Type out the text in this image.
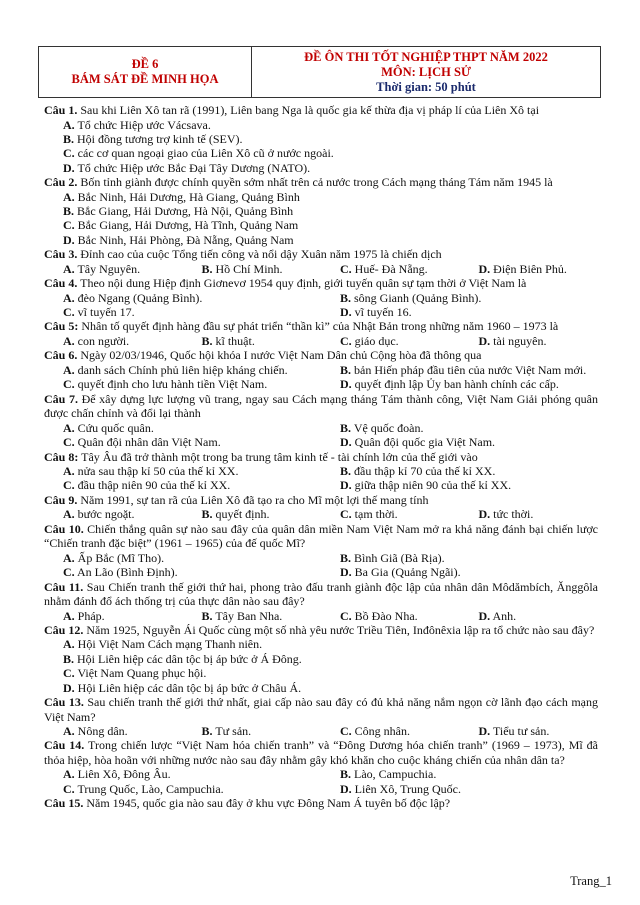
ĐỀ 6
BÁM SÁT ĐỀ MINH HỌA
ĐỀ ÔN THI TỐT NGHIỆP THPT NĂM 2022
MÔN: LỊCH SỬ
Thời gian: 50 phút

Câu 1. Sau khi Liên Xô tan rã (1991), Liên bang Nga là quốc gia kế thừa địa vị pháp lí của Liên Xô tại

A. Tổ chức Hiệp ước Vácsava.
B. Hội đồng tương trợ kinh tế (SEV).
C. các cơ quan ngoại giao của Liên Xô cũ ở nước ngoài.
D. Tổ chức Hiệp ước Bắc Đại Tây Dương (NATO).

Câu 2. Bốn tỉnh giành được chính quyền sớm nhất trên cả nước trong Cách mạng tháng Tám năm 1945 là

A. Bắc Ninh, Hải Dương, Hà Giang, Quảng Bình
B. Bắc Giang, Hải Dương, Hà Nội, Quảng Bình
C. Bắc Giang, Hải Dương, Hà Tĩnh, Quảng Nam
D. Bắc Ninh, Hải Phòng, Đà Nẵng, Quảng Nam

Câu 3. Đỉnh cao của cuộc Tổng tiến công và nổi dậy Xuân năm 1975 là chiến dịch

A. Tây Nguyên.	B. Hồ Chí Minh.	C. Huế- Đà Nẵng.	D. Điện Biên Phủ.

Câu 4. Theo nội dung Hiệp định Giơnevơ 1954 quy định, giới tuyến quân sự tạm thời ở Việt Nam là

A. đèo Ngang (Quảng Bình).	B. sông Gianh (Quảng Bình).
C. vĩ tuyến 17.	D. vĩ tuyến 16.

Câu 5: Nhân tố quyết định hàng đầu sự phát triển “thần kì” của Nhật Bản trong những năm 1960 – 1973 là

A. con người.	B. kĩ thuật.	C. giáo dục.	D. tài nguyên.

Câu 6. Ngày 02/03/1946, Quốc hội khóa I nước Việt Nam Dân chủ Cộng hòa đã thông qua

A. danh sách Chính phủ liên hiệp kháng chiến.	B. bản Hiến pháp đầu tiên của nước Việt Nam mới.
C. quyết định cho lưu hành tiền Việt Nam.	D. quyết định lập Ủy ban hành chính các cấp.

Câu 7. Để xây dựng lực lượng vũ trang, ngay sau Cách mạng tháng Tám thành công, Việt Nam Giải phóng quân được chấn chỉnh và đổi lại thành

A. Cứu quốc quân.	B. Vệ quốc đoàn.
C. Quân đội nhân dân Việt Nam.	D. Quân đội quốc gia Việt Nam.

Câu 8: Tây Âu đã trở thành một trong ba trung tâm kinh tế - tài chính lớn của thế giới vào

A. nửa sau thập kỉ 50 của thế kỉ XX.	B. đầu thập kỉ 70 của thế kỉ XX.
C. đầu thập niên 90 của thế kỉ XX.	D. giữa thập niên 90 của thế kỉ XX.

Câu 9. Năm 1991, sự tan rã của Liên Xô đã tạo ra cho Mĩ một lợi thế mang tính

A. bước ngoặt.	B. quyết định.	C. tạm thời.	D. tức thời.

Câu 10. Chiến thắng quân sự nào sau đây của quân dân miền Nam Việt Nam mở ra khả năng đánh bại chiến lược “Chiến tranh đặc biệt” (1961 – 1965) của đế quốc Mĩ?

A. Ấp Bắc (Mĩ Tho).	B. Bình Giã (Bà Rịa).
C. An Lão (Bình Định).	D. Ba Gia (Quảng Ngãi).

Câu 11. Sau Chiến tranh thế giới thứ hai, phong trào đấu tranh giành độc lập của nhân dân Môdămbích, Ănggôla nhằm đánh đổ ách thống trị của thực dân nào sau đây?

A. Pháp.	B. Tây Ban Nha.	C. Bồ Đào Nha.	D. Anh.

Câu 12. Năm 1925, Nguyễn Ái Quốc cùng một số nhà yêu nước Triều Tiên, Inđônêxia lập ra tổ chức nào sau đây?

A. Hội Việt Nam Cách mạng Thanh niên.
B. Hội Liên hiệp các dân tộc bị áp bức ở Á Đông.
C. Việt Nam Quang phục hội.
D. Hội Liên hiệp các dân tộc bị áp bức ở Châu Á.

Câu 13. Sau chiến tranh thế giới thứ nhất, giai cấp nào sau đây có đủ khả năng nắm ngọn cờ lãnh đạo cách mạng Việt Nam?

A. Nông dân.	B. Tư sản.	C. Công nhân.	D. Tiểu tư sản.

Câu 14. Trong chiến lược “Việt Nam hóa chiến tranh” và “Đông Dương hóa chiến tranh” (1969 – 1973), Mĩ đã thỏa hiệp, hòa hoãn với những nước nào sau đây nhằm gây khó khăn cho cuộc kháng chiến của nhân dân ta?

A. Liên Xô, Đông Âu.	B. Lào, Campuchia.
C. Trung Quốc, Lào, Campuchia.	D. Liên Xô, Trung Quốc.

Câu 15. Năm 1945, quốc gia nào sau đây ở khu vực Đông Nam Á tuyên bố độc lập?

Trang_1
